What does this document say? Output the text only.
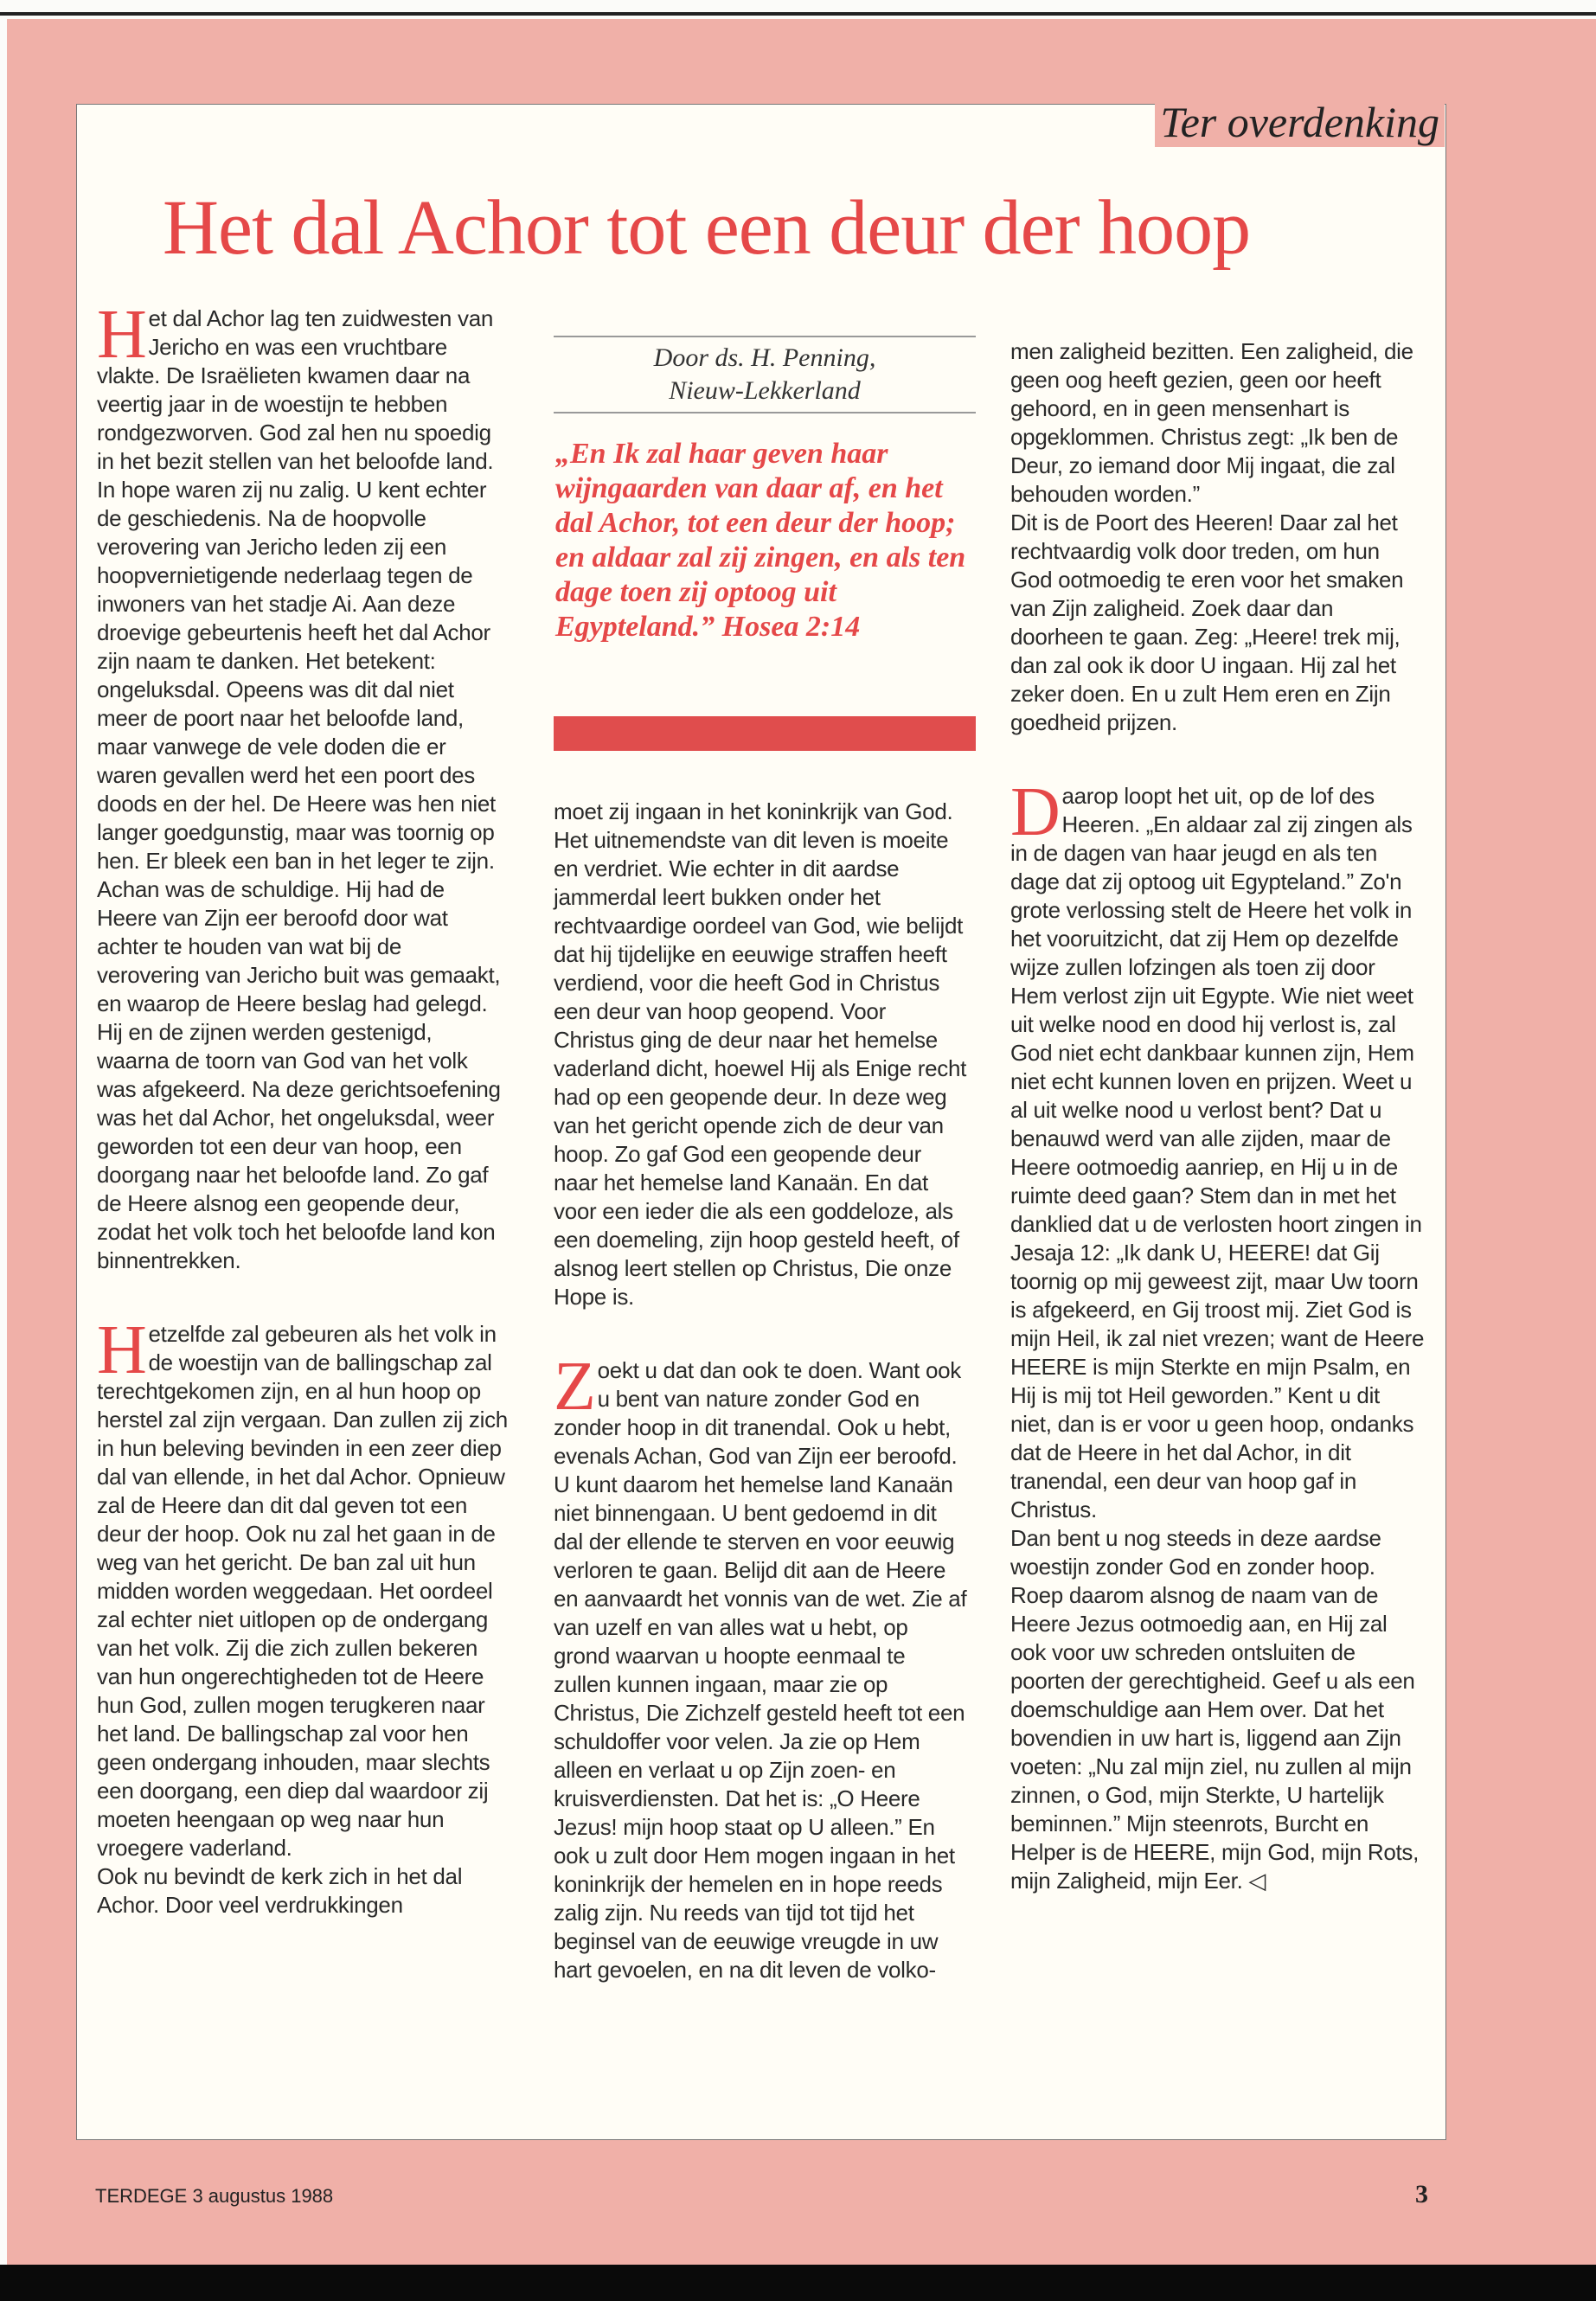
Ter overdenking
Het dal Achor tot een deur der hoop

Het dal Achor lag ten zuidwesten van Jericho en was een vruchtbare vlakte. De Israëlieten kwamen daar na veertig jaar in de woestijn te hebben rondgezworven. God zal hen nu spoedig in het bezit stellen van het beloofde land. In hope waren zij nu zalig. U kent echter de geschiedenis. Na de hoopvolle verovering van Jericho leden zij een hoopvernietigende nederlaag tegen de inwoners van het stadje Ai. Aan deze droevige gebeurtenis heeft het dal Achor zijn naam te danken. Het betekent: ongeluksdal. Opeens was dit dal niet meer de poort naar het beloofde land, maar vanwege de vele doden die er waren gevallen werd het een poort des doods en der hel. De Heere was hen niet langer goedgunstig, maar was toornig op hen. Er bleek een ban in het leger te zijn. Achan was de schuldige. Hij had de Heere van Zijn eer beroofd door wat achter te houden van wat bij de verovering van Jericho buit was gemaakt, en waarop de Heere beslag had gelegd. Hij en de zijnen werden gestenigd, waarna de toorn van God van het volk was afgekeerd. Na deze gerichtsoefening was het dal Achor, het ongeluksdal, weer geworden tot een deur van hoop, een doorgang naar het beloofde land. Zo gaf de Heere alsnog een geopende deur, zodat het volk toch het beloofde land kon binnentrekken.

Hetzelfde zal gebeuren als het volk in de woestijn van de ballingschap zal terechtgekomen zijn, en al hun hoop op herstel zal zijn vergaan. Dan zullen zij zich in hun beleving bevinden in een zeer diep dal van ellende, in het dal Achor. Opnieuw zal de Heere dan dit dal geven tot een deur der hoop. Ook nu zal het gaan in de weg van het gericht. De ban zal uit hun midden worden weggedaan. Het oordeel zal echter niet uitlopen op de ondergang van het volk. Zij die zich zullen bekeren van hun ongerechtigheden tot de Heere hun God, zullen mogen terugkeren naar het land. De ballingschap zal voor hen geen ondergang inhouden, maar slechts een doorgang, een diep dal waardoor zij moeten heengaan op weg naar hun vroegere vaderland.

Ook nu bevindt de kerk zich in het dal Achor. Door veel verdrukkingen

Door ds. H. Penning,
Nieuw-Lekkerland
„En Ik zal haar geven haar wijngaarden van daar af, en het dal Achor, tot een deur der hoop; en aldaar zal zij zingen, en als ten dage toen zij optoog uit Egypteland.” Hosea 2:14

moet zij ingaan in het koninkrijk van God. Het uitnemendste van dit leven is moeite en verdriet. Wie echter in dit aardse jammerdal leert bukken onder het rechtvaardige oordeel van God, wie belijdt dat hij tijdelijke en eeuwige straffen heeft verdiend, voor die heeft God in Christus een deur van hoop geopend. Voor Christus ging de deur naar het hemelse vaderland dicht, hoewel Hij als Enige recht had op een geopende deur. In deze weg van het gericht opende zich de deur van hoop. Zo gaf God een geopende deur naar het hemelse land Kanaän. En dat voor een ieder die als een goddeloze, als een doemeling, zijn hoop gesteld heeft, of alsnog leert stellen op Christus, Die onze Hope is.

Zoekt u dat dan ook te doen. Want ook u bent van nature zonder God en zonder hoop in dit tranendal. Ook u hebt, evenals Achan, God van Zijn eer beroofd. U kunt daarom het hemelse land Kanaän niet binnengaan. U bent gedoemd in dit dal der ellende te sterven en voor eeuwig verloren te gaan. Belijd dit aan de Heere en aanvaardt het vonnis van de wet. Zie af van uzelf en van alles wat u hebt, op grond waarvan u hoopte eenmaal te zullen kunnen ingaan, maar zie op Christus, Die Zichzelf gesteld heeft tot een schuldoffer voor velen. Ja zie op Hem alleen en verlaat u op Zijn zoen- en kruisverdiensten. Dat het is: „O Heere Jezus! mijn hoop staat op U alleen.” En ook u zult door Hem mogen ingaan in het koninkrijk der hemelen en in hope reeds zalig zijn. Nu reeds van tijd tot tijd het beginsel van de eeuwige vreugde in uw hart gevoelen, en na dit leven de volko-

men zaligheid bezitten. Een zaligheid, die geen oog heeft gezien, geen oor heeft gehoord, en in geen mensenhart is opgeklommen. Christus zegt: „Ik ben de Deur, zo iemand door Mij ingaat, die zal behouden worden.”

Dit is de Poort des Heeren! Daar zal het rechtvaardig volk door treden, om hun God ootmoedig te eren voor het smaken van Zijn zaligheid. Zoek daar dan doorheen te gaan. Zeg: „Heere! trek mij, dan zal ook ik door U ingaan. Hij zal het zeker doen. En u zult Hem eren en Zijn goedheid prijzen.

Daarop loopt het uit, op de lof des Heeren. „En aldaar zal zij zingen als in de dagen van haar jeugd en als ten dage dat zij optoog uit Egypteland.” Zo'n grote verlossing stelt de Heere het volk in het vooruitzicht, dat zij Hem op dezelfde wijze zullen lofzingen als toen zij door Hem verlost zijn uit Egypte. Wie niet weet uit welke nood en dood hij verlost is, zal God niet echt dankbaar kunnen zijn, Hem niet echt kunnen loven en prijzen. Weet u al uit welke nood u verlost bent? Dat u benauwd werd van alle zijden, maar de Heere ootmoedig aanriep, en Hij u in de ruimte deed gaan? Stem dan in met het danklied dat u de verlosten hoort zingen in Jesaja 12: „Ik dank U, HEERE! dat Gij toornig op mij geweest zijt, maar Uw toorn is afgekeerd, en Gij troost mij. Ziet God is mijn Heil, ik zal niet vrezen; want de Heere HEERE is mijn Sterkte en mijn Psalm, en Hij is mij tot Heil geworden.” Kent u dit niet, dan is er voor u geen hoop, ondanks dat de Heere in het dal Achor, in dit tranendal, een deur van hoop gaf in Christus.

Dan bent u nog steeds in deze aardse woestijn zonder God en zonder hoop. Roep daarom alsnog de naam van de Heere Jezus ootmoedig aan, en Hij zal ook voor uw schreden ontsluiten de poorten der gerechtigheid. Geef u als een doemschuldige aan Hem over. Dat het bovendien in uw hart is, liggend aan Zijn voeten: „Nu zal mijn ziel, nu zullen al mijn zinnen, o God, mijn Sterkte, U hartelijk beminnen.” Mijn steenrots, Burcht en Helper is de HEERE, mijn God, mijn Rots, mijn Zaligheid, mijn Eer. ◁

TERDEGE 3 augustus 1988	3
